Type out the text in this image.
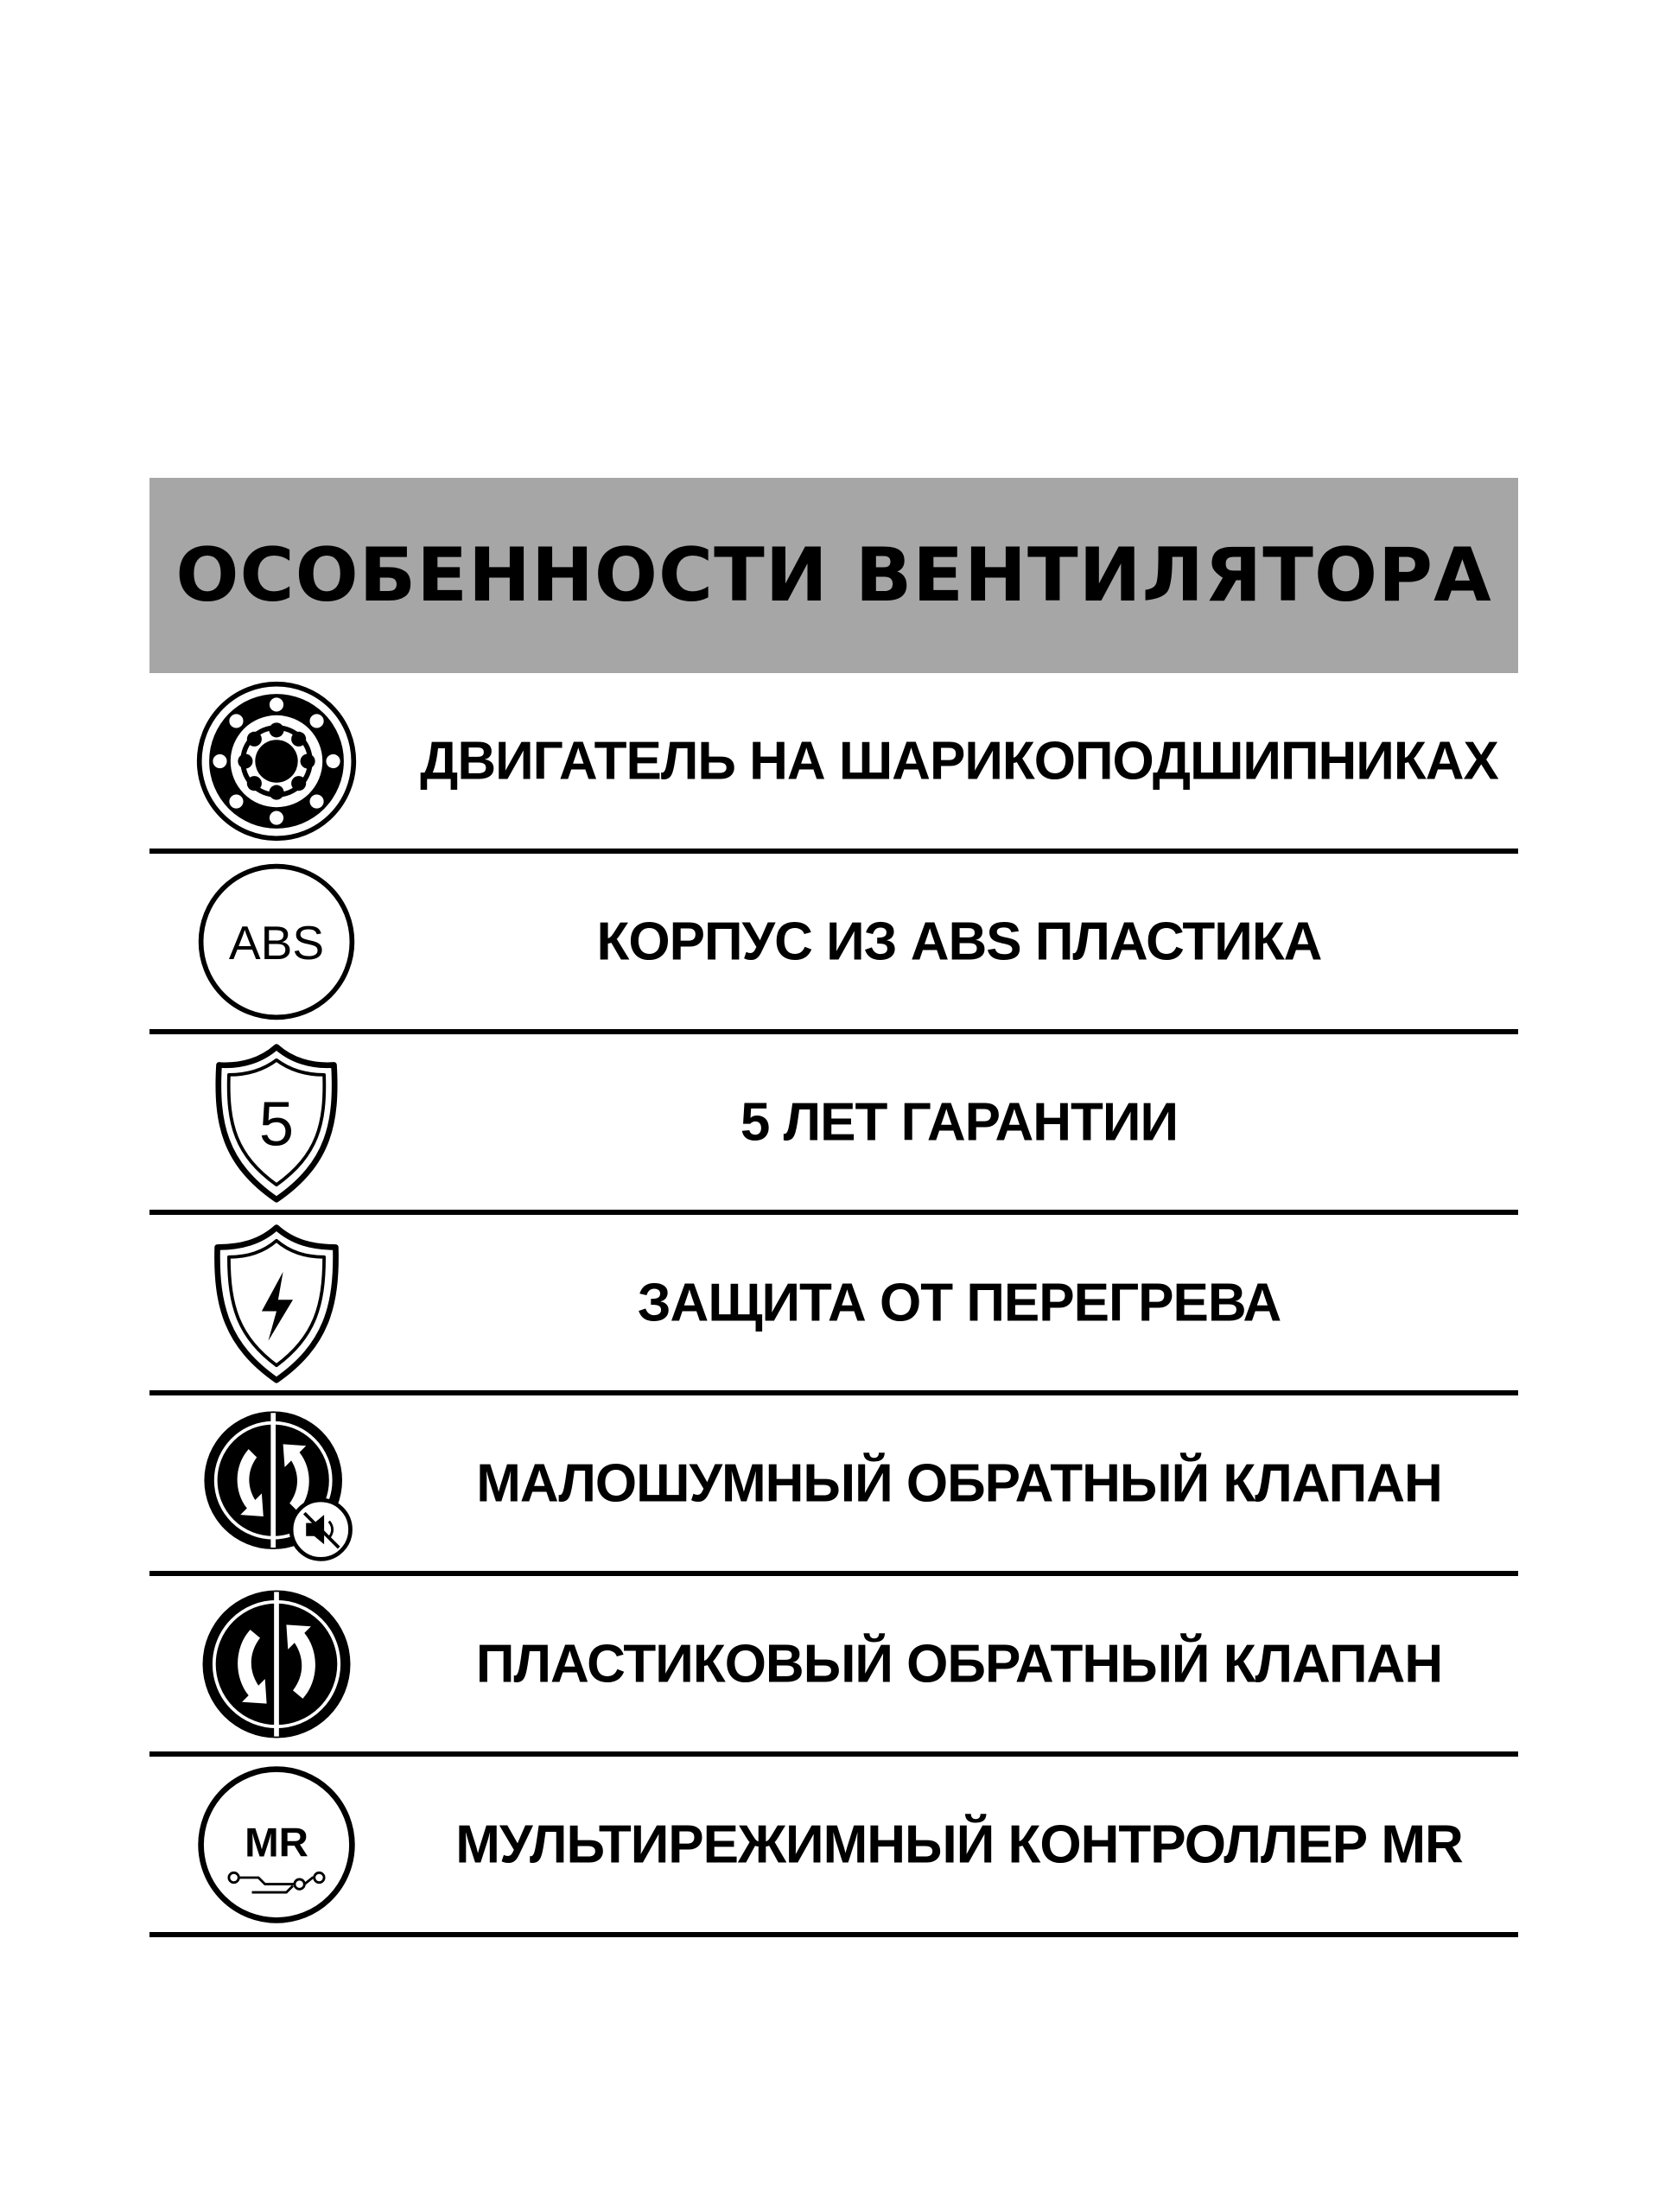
ОСОБЕННОСТИ ВЕНТИЛЯТОРА
ДВИГАТЕЛЬ НА ШАРИКОПОДШИПНИКАХ
ABS	КОРПУС ИЗ ABS ПЛАСТИКА
5	5 ЛЕТ ГАРАНТИИ
ЗАЩИТА ОТ ПЕРЕГРЕВА
МАЛОШУМНЫЙ ОБРАТНЫЙ КЛАПАН
ПЛАСТИКОВЫЙ ОБРАТНЫЙ КЛАПАН
MR	МУЛЬТИРЕЖИМНЫЙ КОНТРОЛЛЕР MR
